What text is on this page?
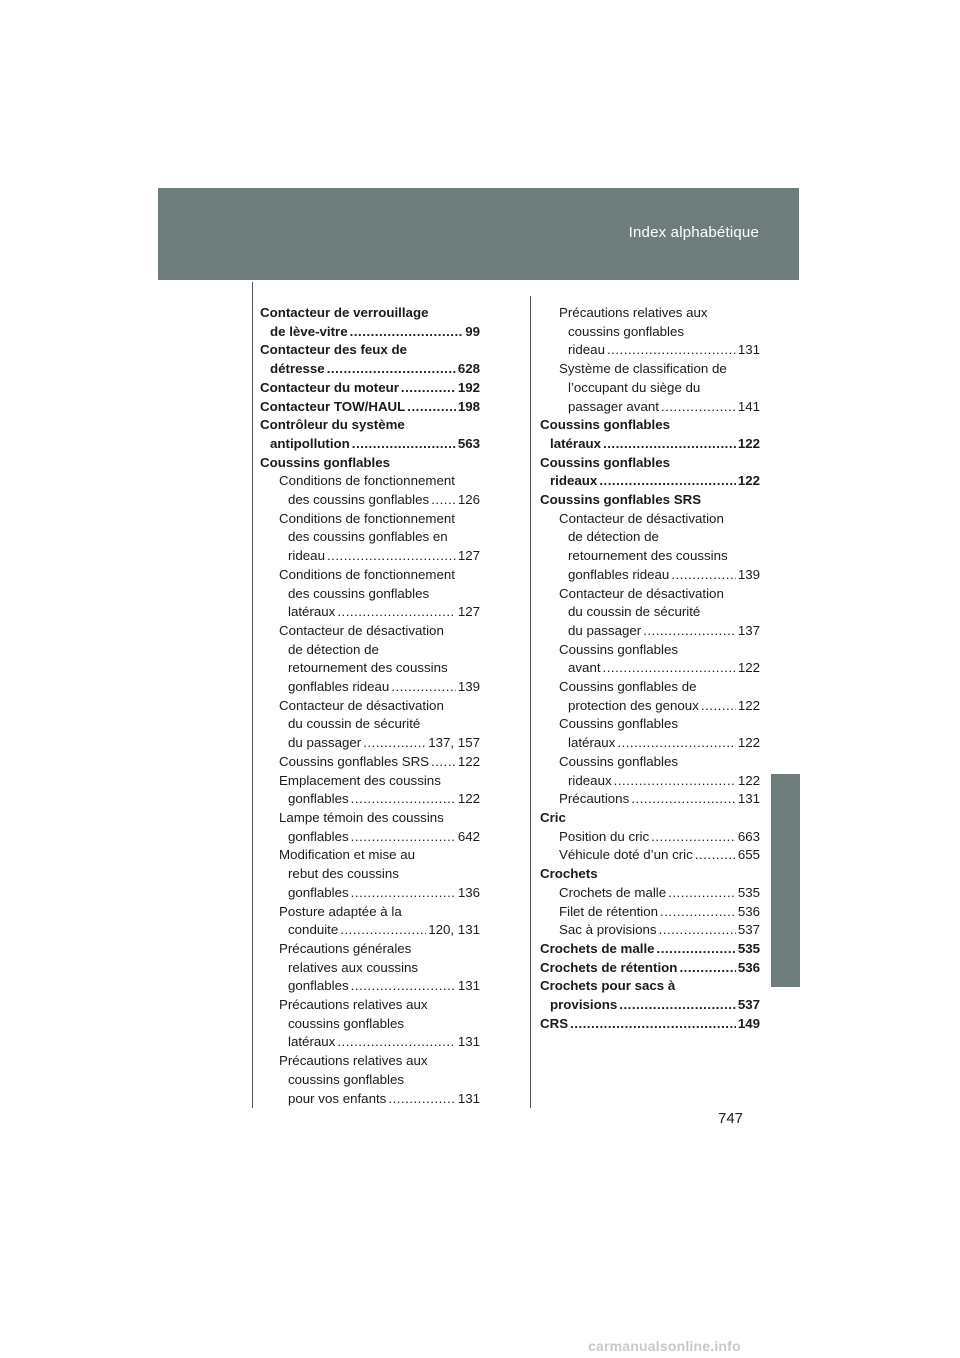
Index alphabétique
Contacteur de verrouillage
de lève-vitre .....	99
Contacteur des feux de
détresse .....	628
Contacteur du moteur .....	192
Contacteur TOW/HAUL .....	198
Contrôleur du système
antipollution .....	563
Coussins gonflables
Conditions de fonctionnement
des coussins gonflables ..... 126
Conditions de fonctionnement
des coussins gonflables en
rideau .....	127
Conditions de fonctionnement
des coussins gonflables
latéraux .....	127
Contacteur de désactivation
de détection de
retournement des coussins
gonflables rideau .....	139
Contacteur de désactivation
du coussin de sécurité
du passager .....	137, 157
Coussins gonflables SRS ..... 122
Emplacement des coussins
gonflables .....	122
Lampe témoin des coussins
gonflables .....	642
Modification et mise au
rebut des coussins
gonflables .....	136
Posture adaptée à la
conduite .....	120, 131
Précautions générales
relatives aux coussins
gonflables .....	131
Précautions relatives aux
coussins gonflables
latéraux .....	131
Précautions relatives aux
coussins gonflables
pour vos enfants .....	131
Précautions relatives aux
coussins gonflables
rideau .....	131
Système de classification de
l’occupant du siège du
passager avant .....	141
Coussins gonflables
latéraux .....	122
Coussins gonflables
rideaux .....	122
Coussins gonflables SRS
Contacteur de désactivation
de détection de
retournement des coussins
gonflables rideau .....	139
Contacteur de désactivation
du coussin de sécurité
du passager .....	137
Coussins gonflables
avant .....	122
Coussins gonflables de
protection des genoux .....	122
Coussins gonflables
latéraux .....	122
Coussins gonflables
rideaux .....	122
Précautions .....	131
Cric
Position du cric .....	663
Véhicule doté d’un cric .....	655
Crochets
Crochets de malle .....	535
Filet de rétention .....	536
Sac à provisions .....	537
Crochets de malle .....	535
Crochets de rétention .....	536
Crochets pour sacs à
provisions .....	537
CRS .....	149
747
carmanualsonline.info
